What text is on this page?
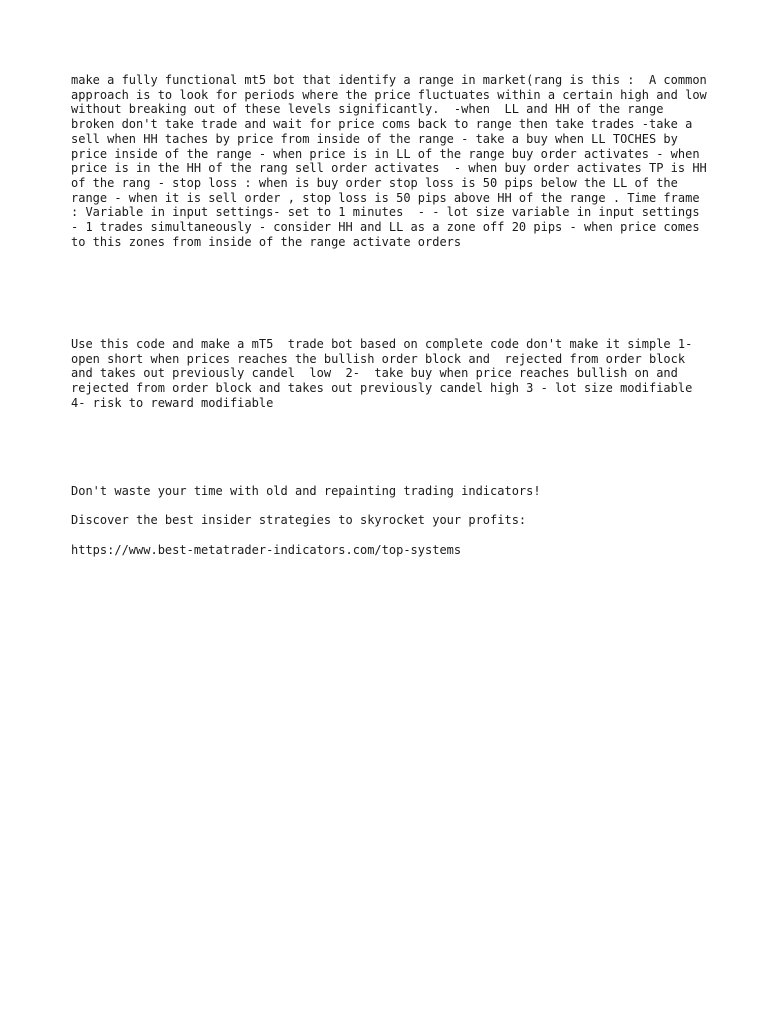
make a fully functional mt5 bot that identify a range in market(rang is this :  A common approach is to look for periods where the price fluctuates within a certain high and low without breaking out of these levels significantly.  -when  LL and HH of the range broken don't take trade and wait for price coms back to range then take trades -take a sell when HH taches by price from inside of the range - take a buy when LL TOCHES by price inside of the range - when price is in LL of the range buy order activates - when price is in the HH of the rang sell order activates  - when buy order activates TP is HH of the rang - stop loss : when is buy order stop loss is 50 pips below the LL of the range - when it is sell order , stop loss is 50 pips above HH of the range . Time frame : Variable in input settings- set to 1 minutes  - - lot size variable in input settings - 1 trades simultaneously - consider HH and LL as a zone off 20 pips - when price comes to this zones from inside of the range activate orders

Use this code and make a mT5  trade bot based on complete code don't make it simple 1- open short when prices reaches the bullish order block and  rejected from order block and takes out previously candel  low  2-  take buy when price reaches bullish on and rejected from order block and takes out previously candel high 3 - lot size modifiable   4- risk to reward modifiable

Don't waste your time with old and repainting trading indicators!

Discover the best insider strategies to skyrocket your profits:

https://www.best-metatrader-indicators.com/top-systems
